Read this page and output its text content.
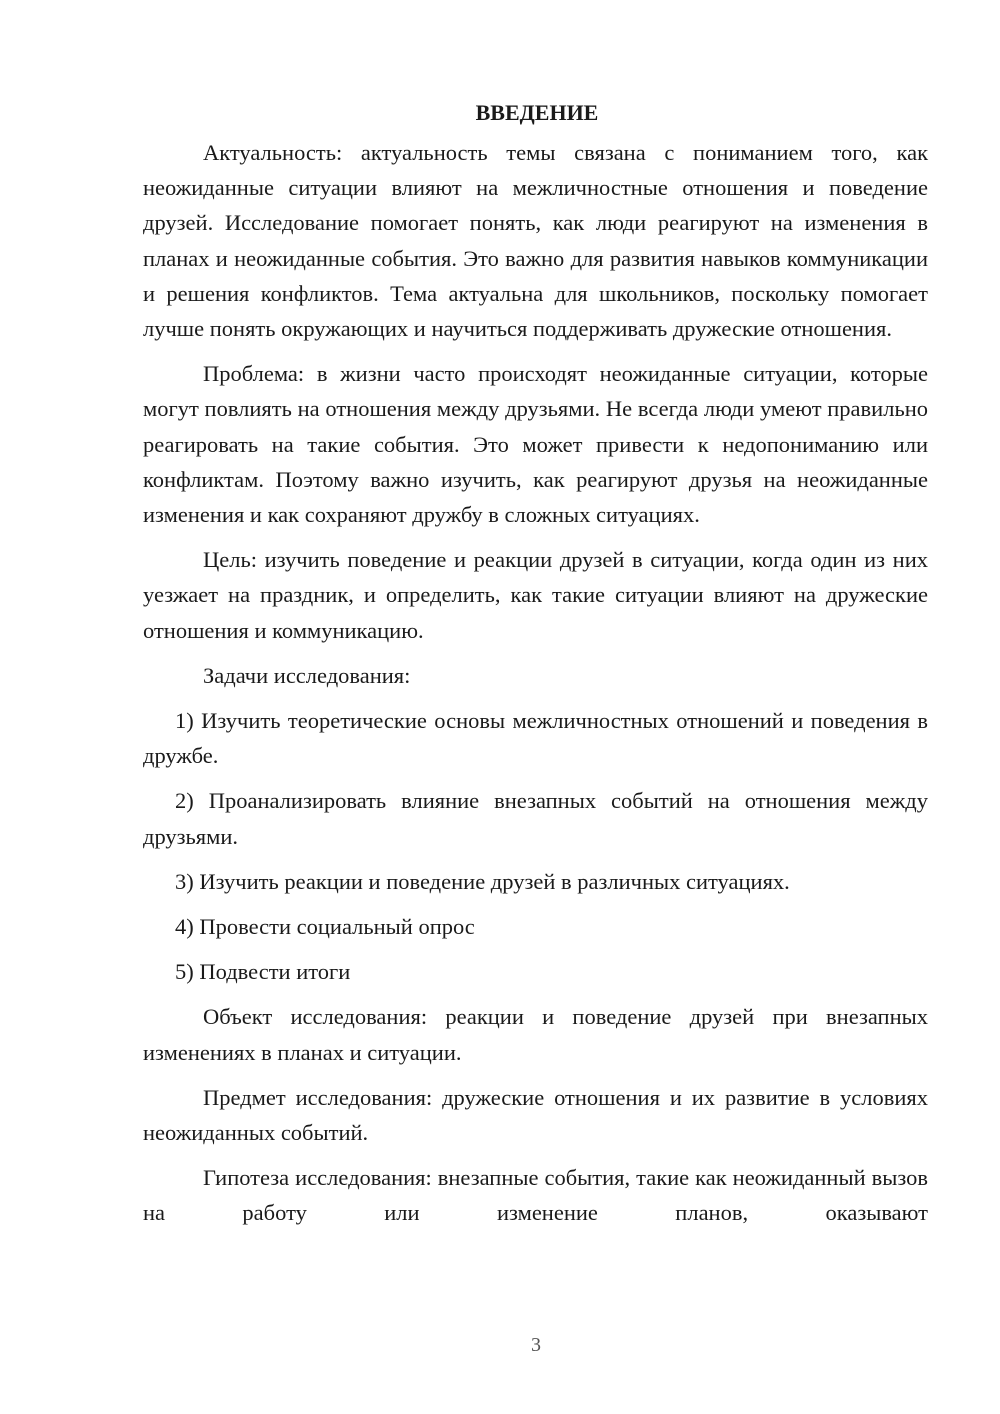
ВВЕДЕНИЕ

Актуальность: актуальность темы связана с пониманием того, как неожиданные ситуации влияют на межличностные отношения и поведение друзей. Исследование помогает понять, как люди реагируют на изменения в планах и неожиданные события. Это важно для развития навыков коммуникации и решения конфликтов. Тема актуальна для школьников, поскольку помогает лучше понять окружающих и научиться поддерживать дружеские отношения.

Проблема: в жизни часто происходят неожиданные ситуации, которые могут повлиять на отношения между друзьями. Не всегда люди умеют правильно реагировать на такие события. Это может привести к недопониманию или конфликтам. Поэтому важно изучить, как реагируют друзья на неожиданные изменения и как сохраняют дружбу в сложных ситуациях.

Цель: изучить поведение и реакции друзей в ситуации, когда один из них уезжает на праздник, и определить, как такие ситуации влияют на дружеские отношения и коммуникацию.

Задачи исследования:

1) Изучить теоретические основы межличностных отношений и поведения в дружбе.

2) Проанализировать влияние внезапных событий на отношения между друзьями.

3) Изучить реакции и поведение друзей в различных ситуациях.

4) Провести социальный опрос

5) Подвести итоги

Объект исследования: реакции и поведение друзей при внезапных изменениях в планах и ситуации.

Предмет исследования: дружеские отношения и их развитие в условиях неожиданных событий.

Гипотеза исследования: внезапные события, такие как неожиданный вызов на работу или изменение планов, оказывают

3
